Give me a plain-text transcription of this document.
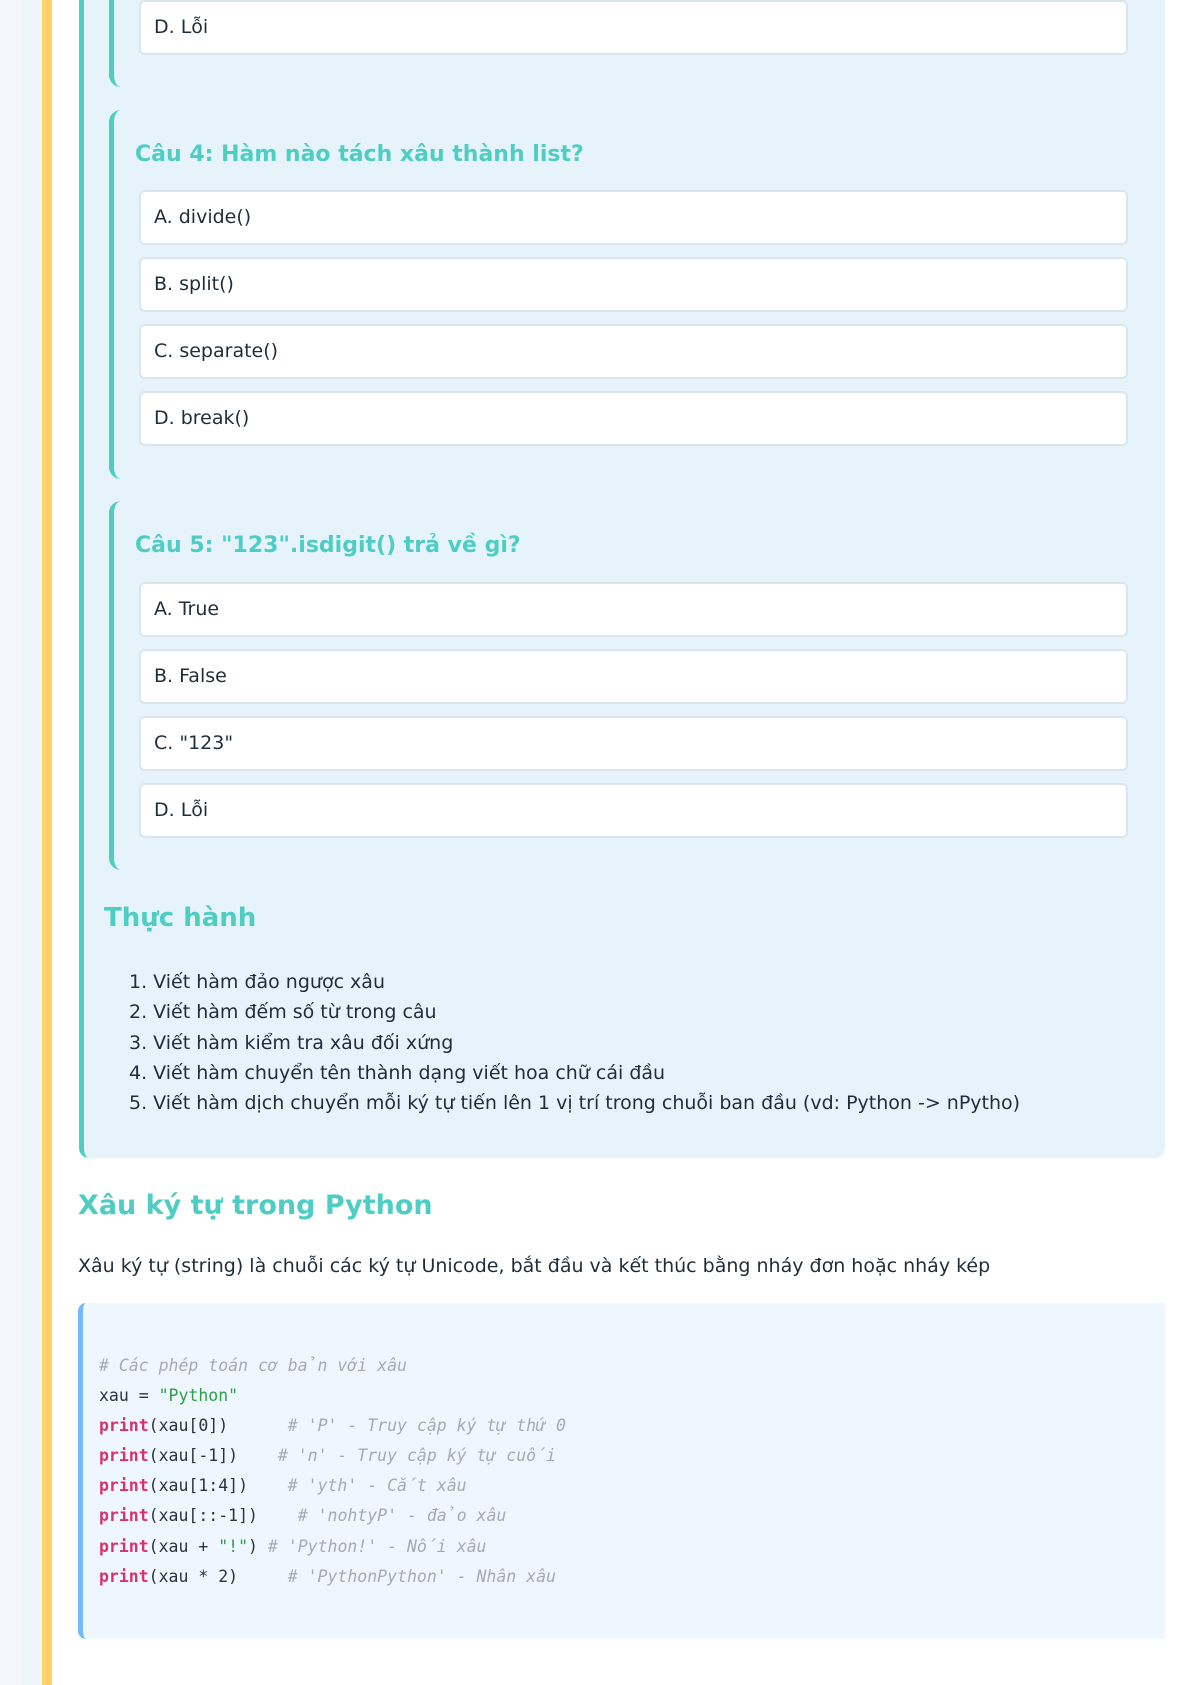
D. Lỗi
Câu 4: Hàm nào tách xâu thành list?
A. divide()
B. split()
C. separate()
D. break()
Câu 5: "123".isdigit() trả về gì?
A. True
B. False
C. "123"
D. Lỗi
Thực hành
1. Viết hàm đảo ngược xâu
2. Viết hàm đếm số từ trong câu
3. Viết hàm kiểm tra xâu đối xứng
4. Viết hàm chuyển tên thành dạng viết hoa chữ cái đầu
5. Viết hàm dịch chuyển mỗi ký tự tiến lên 1 vị trí trong chuỗi ban đầu (vd: Python -> nPytho)
Xâu ký tự trong Python
Xâu ký tự (string) là chuỗi các ký tự Unicode, bắt đầu và kết thúc bằng nháy đơn hoặc nháy kép
# Các phép toán cơ bản với xâu
xau = "Python"
print(xau[0])	# 'P' - Truy cập ký tự thứ 0
print(xau[-1]) # 'n' - Truy cập ký tự cuối
print(xau[1:4]) # 'yth' - Cắt xâu
print(xau[::-1]) # 'nohtyP' - đảo xâu
print(xau + "!") # 'Python!' - Nối xâu
print(xau * 2)	# 'PythonPython' - Nhân xâu
